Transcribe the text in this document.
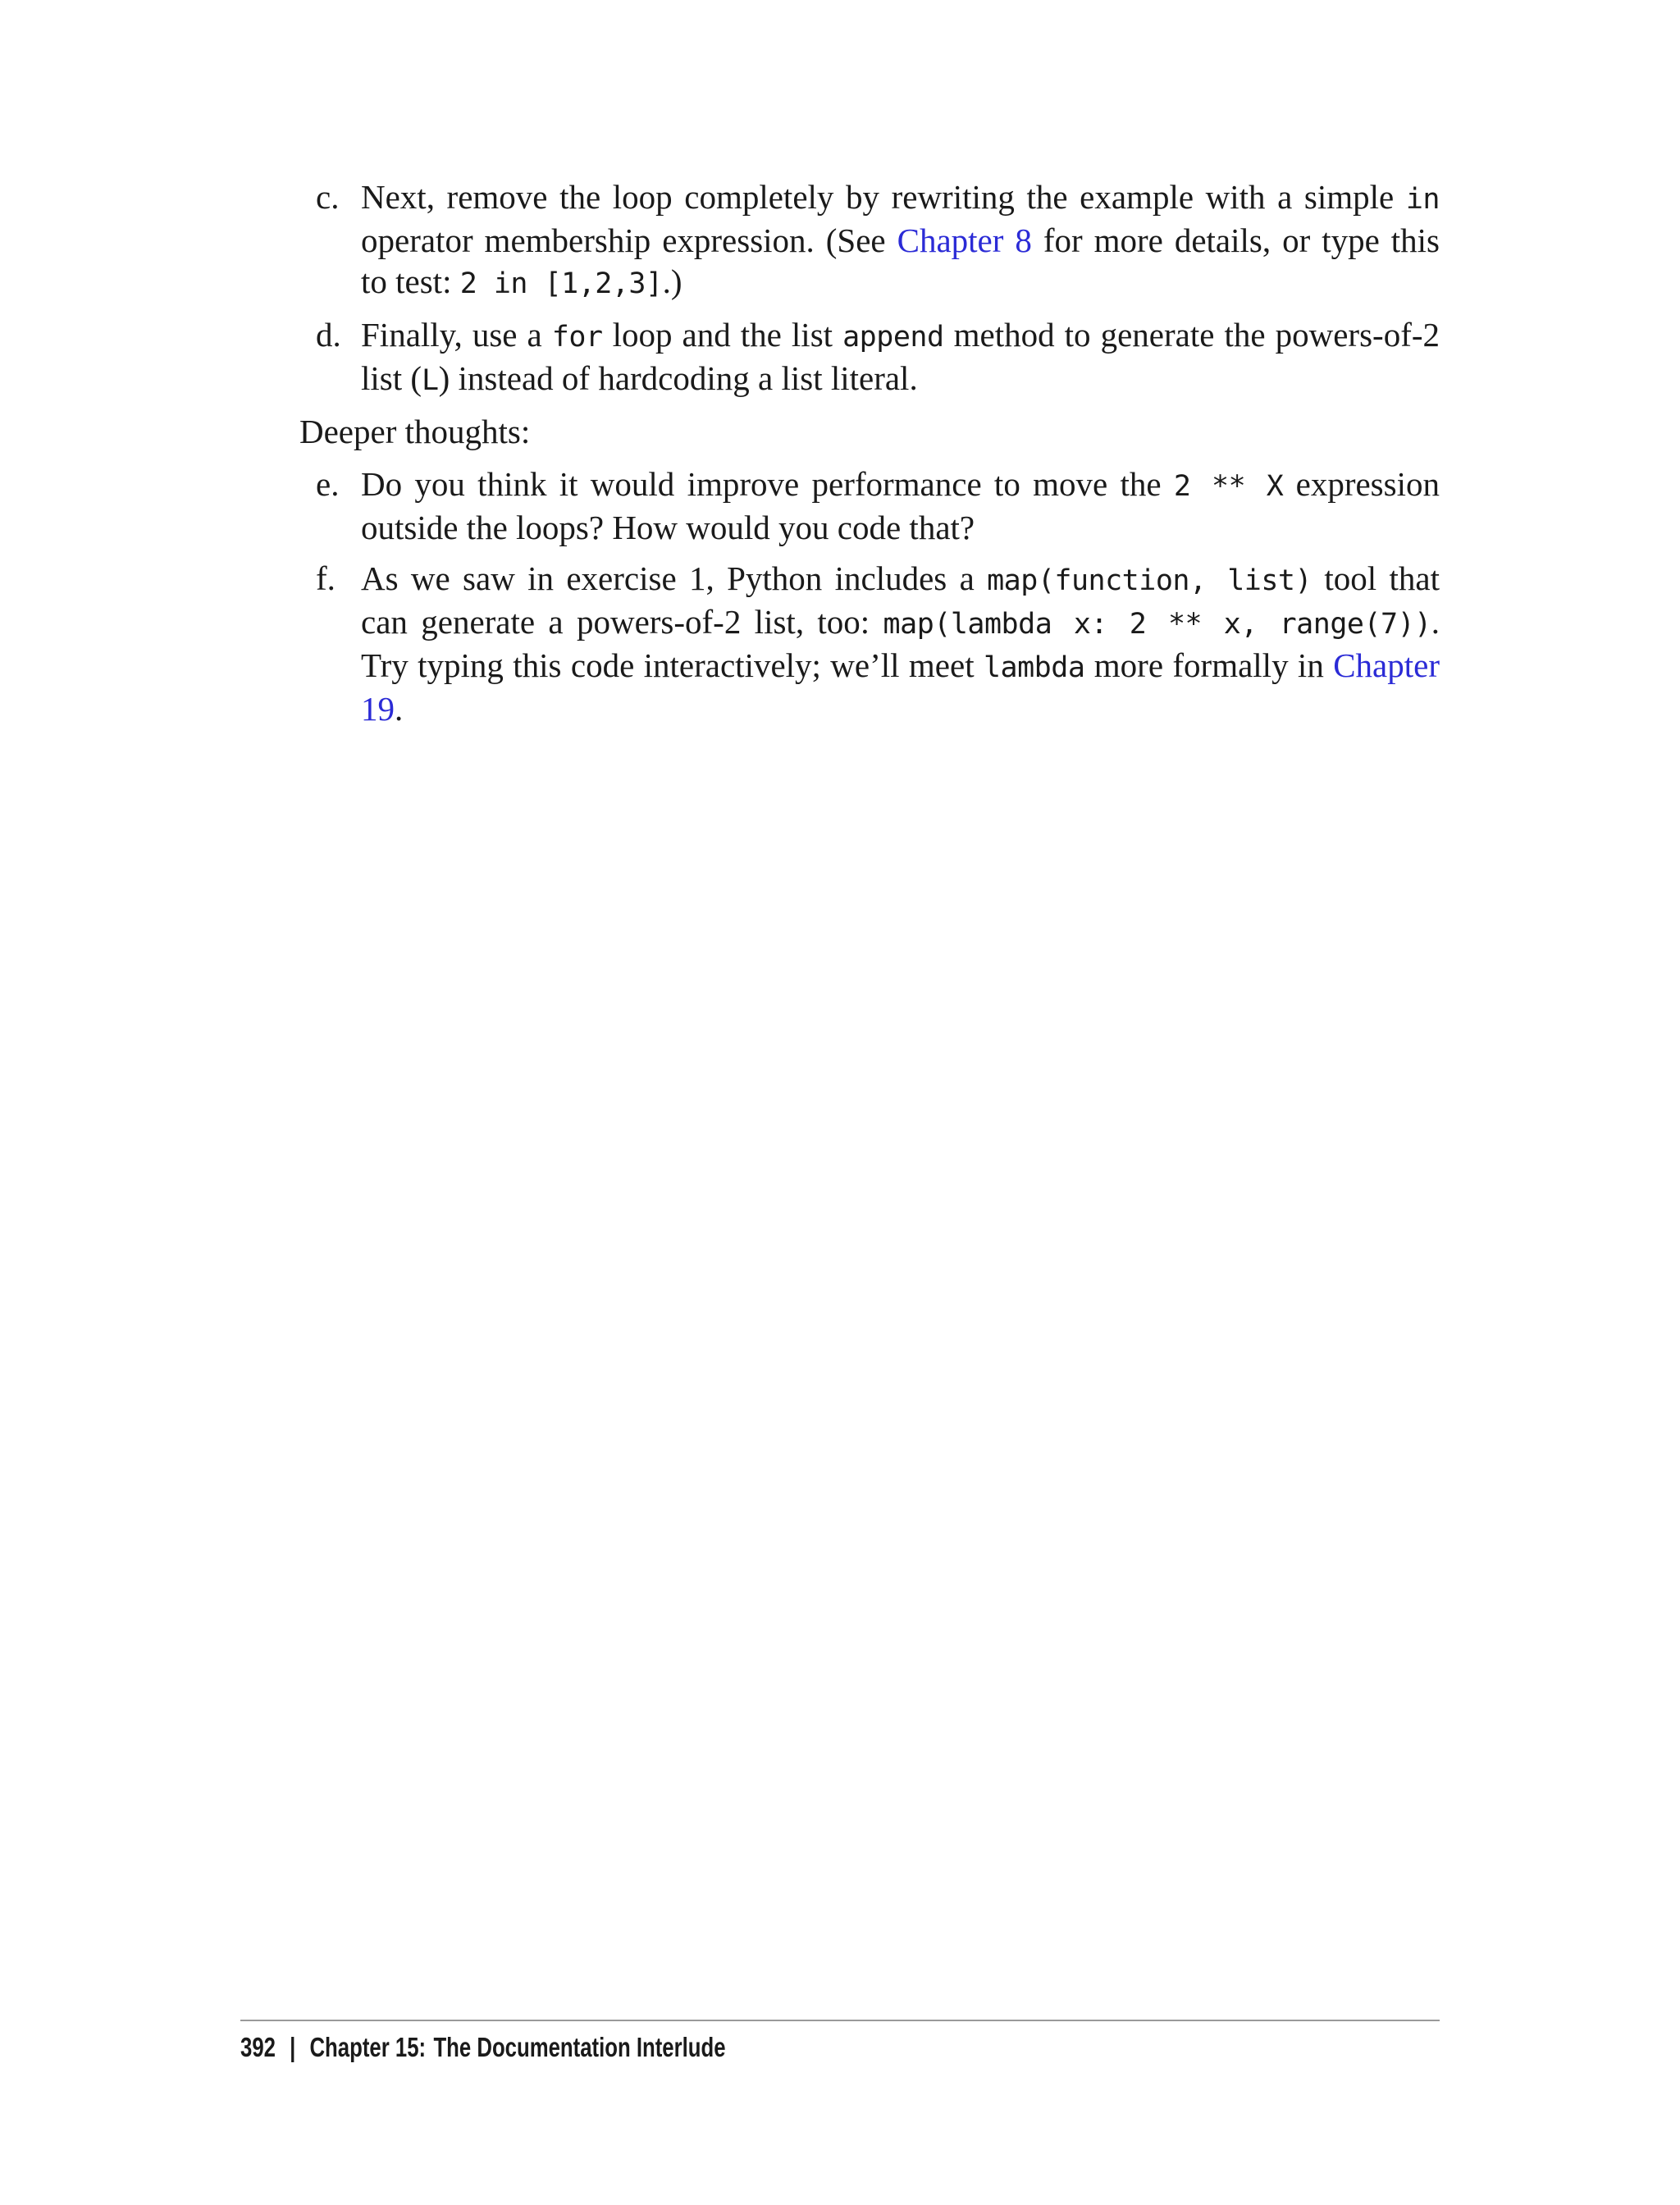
c. Next, remove the loop completely by rewriting the example with a simple in operator membership expression. (See Chapter 8 for more details, or type this to test: 2 in [1,2,3].)
d. Finally, use a for loop and the list append method to generate the powers-of-2 list (L) instead of hardcoding a list literal.
Deeper thoughts:
e. Do you think it would improve performance to move the 2 ** X expression outside the loops? How would you code that?
f. As we saw in exercise 1, Python includes a map(function, list) tool that can generate a powers-of-2 list, too: map(lambda x: 2 ** x, range(7)). Try typing this code interactively; we’ll meet lambda more formally in Chapter 19.
392 | Chapter 15: The Documentation Interlude
